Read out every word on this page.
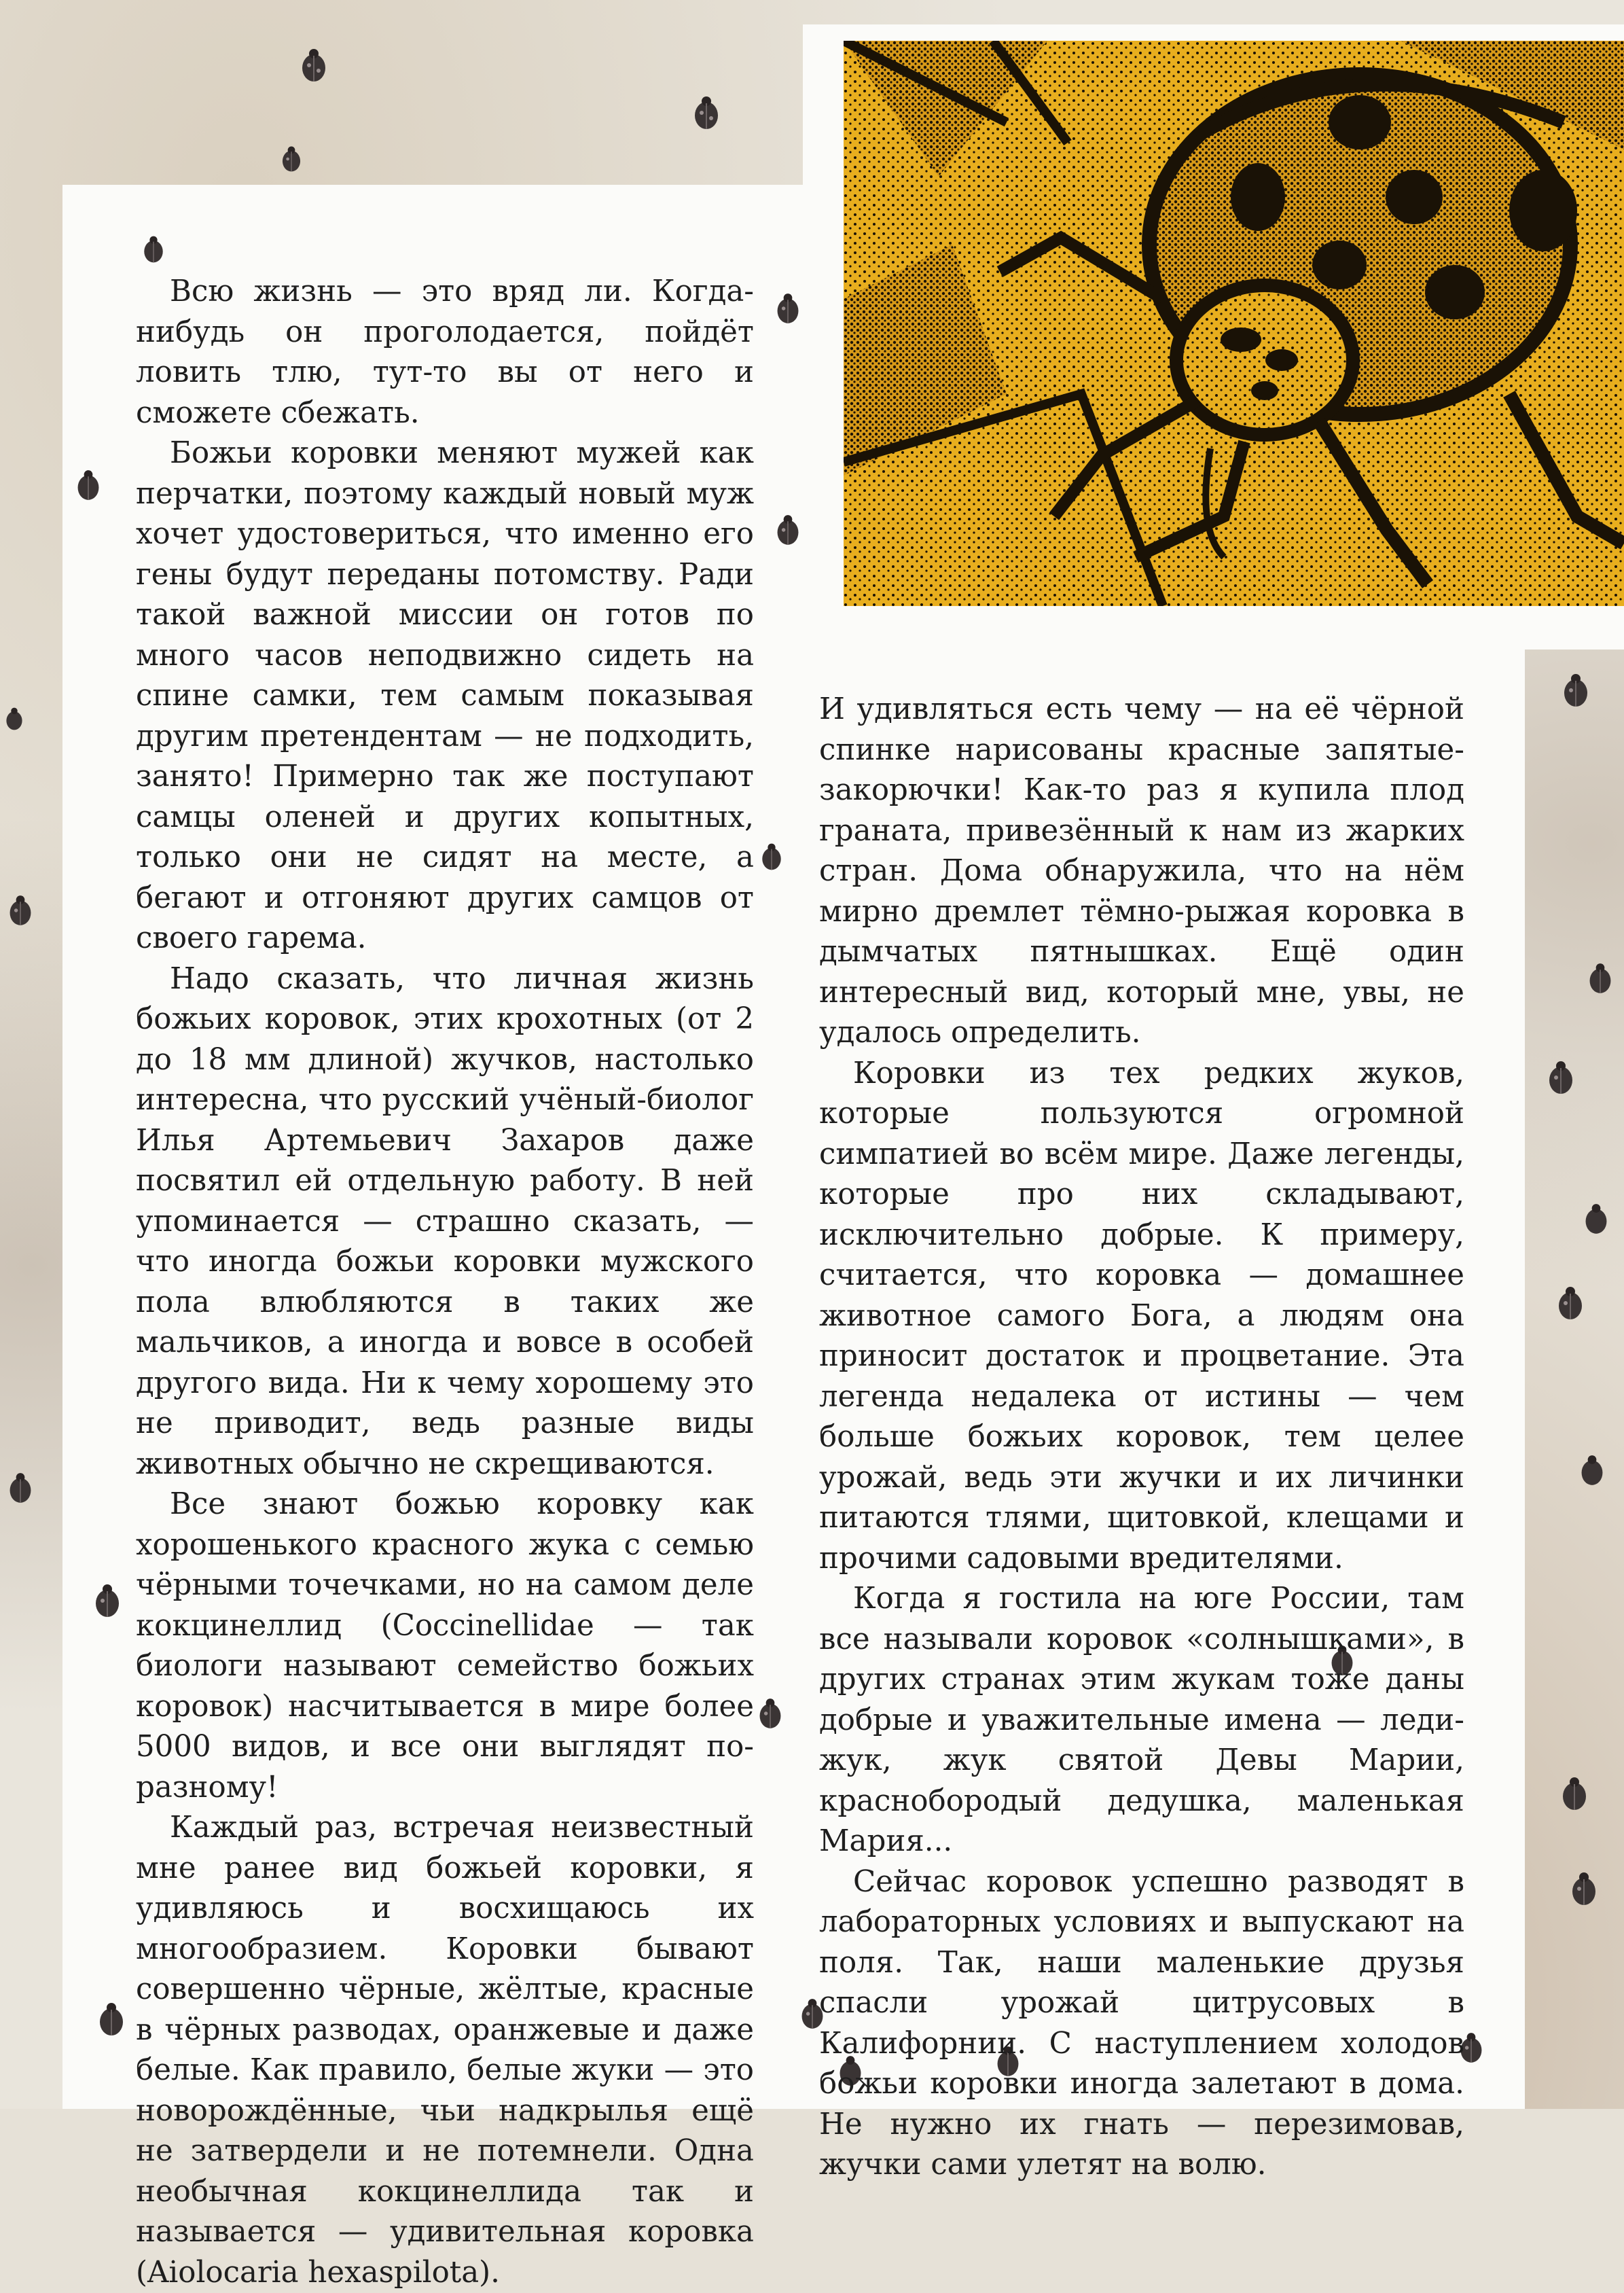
Всю жизнь — это вряд ли. Когда-нибудь он проголодается, пойдёт ловить тлю, тут-то вы от него и сможете сбежать.

Божьи коровки меняют мужей как перчатки, поэтому каждый новый муж хочет удостовериться, что именно его гены будут переданы потомству. Ради такой важной миссии он готов по много часов неподвижно сидеть на спине самки, тем самым показывая другим претендентам — не подходить, занято! Примерно так же поступают самцы оленей и других копытных, только они не сидят на месте, а бегают и отгоняют других самцов от своего гарема.

Надо сказать, что личная жизнь божьих коровок, этих крохотных (от 2 до 18 мм длиной) жучков, настолько интересна, что русский учёный-биолог Илья Артемьевич Захаров даже посвятил ей отдельную работу. В ней упоминается — страшно сказать, — что иногда божьи коровки мужского пола влюбляются в таких же мальчиков, а иногда и вовсе в особей другого вида. Ни к чему хорошему это не приводит, ведь разные виды животных обычно не скрещиваются.

Все знают божью коровку как хорошенького красного жука с семью чёрными точечками, но на самом деле кокцинеллид (Coccinellidae — так биологи называют семейство божьих коровок) насчитывается в мире более 5000 видов, и все они выглядят по-разному!

Каждый раз, встречая неизвестный мне ранее вид божьей коровки, я удивляюсь и восхищаюсь их многообразием. Коровки бывают совершенно чёрные, жёлтые, красные в чёрных разводах, оранжевые и даже белые. Как правило, белые жуки — это новорождённые, чьи надкрылья ещё не затвердели и не потемнели. Одна необычная кокцинеллида так и называется — удивительная коровка (Aiolocaria hexaspilota).

И удивляться есть чему — на её чёрной спинке нарисованы красные запятые-закорючки! Как-то раз я купила плод граната, привезённый к нам из жарких стран. Дома обнаружила, что на нём мирно дремлет тёмно-рыжая коровка в дымчатых пятнышках. Ещё один интересный вид, который мне, увы, не удалось определить.

Коровки из тех редких жуков, которые пользуются огромной симпатией во всём мире. Даже легенды, которые про них складывают, исключительно добрые. К примеру, считается, что коровка — домашнее животное самого Бога, а людям она приносит достаток и процветание. Эта легенда недалека от истины — чем больше божьих коровок, тем целее урожай, ведь эти жучки и их личинки питаются тлями, щитовкой, клещами и прочими садовыми вредителями.

Когда я гостила на юге России, там все называли коровок «солнышками», в других странах этим жукам тоже даны добрые и уважительные имена — леди-жук, жук святой Девы Марии, краснобородый дедушка, маленькая Мария...

Сейчас коровок успешно разводят в лабораторных условиях и выпускают на поля. Так, наши маленькие друзья спасли урожай цитрусовых в Калифорнии. С наступлением холодов божьи коровки иногда залетают в дома. Не нужно их гнать — перезимовав, жучки сами улетят на волю.
